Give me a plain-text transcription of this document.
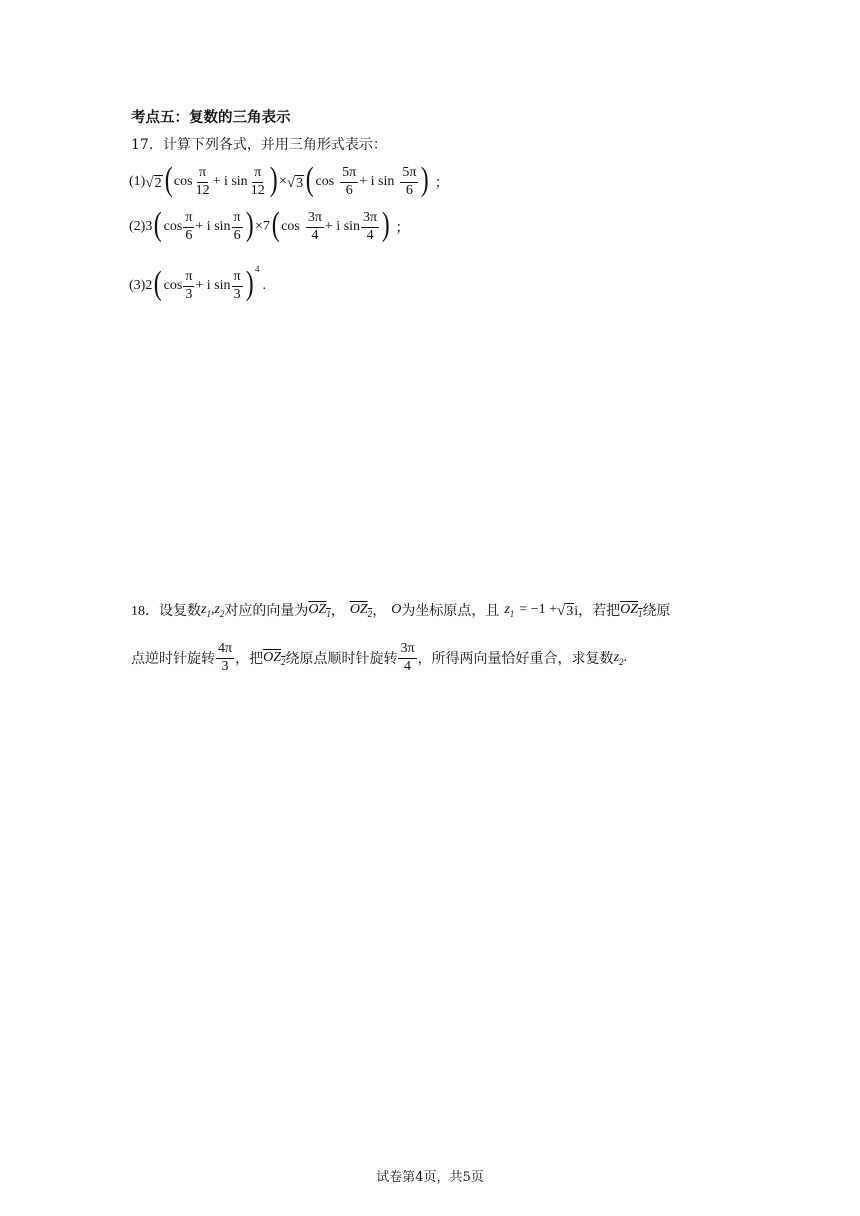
考点五：复数的三角表示
17．计算下列各式，并用三角形式表示：
(1) √ 2 ( $\cos \frac{\pi}{12} + i$ $\sin \frac{\pi}{12}$ ) × √ 3 ( $\cos \frac{5\pi}{6} + i$ $\sin \frac{5\pi}{6}$ ) ；
(2) 3 ( $\cos \frac{\pi}{6} + i$ $\sin \frac{\pi}{6}$ ) ×7 ( $\cos \frac{3\pi}{4} + i$ $\sin \frac{3\pi}{4}$ ) ；
(3) 2 ( $\cos \frac{\pi}{3} + i$ $\sin \frac{\pi}{3}$ ) 4
.
18．设复数 $z_1$ , $z_2$ 对应的向量为 $OZ_1$ ， $OZ_2$ ， O 为坐标原点，且 $z_1 = -1$ + √ 3 i，若把 $OZ_1$ 绕原
点逆时针旋转 $\frac{4\pi}{3}$ ，把 $OZ_2$ 绕原点顺时针旋转 $\frac{3\pi}{4}$ ，所得两向量恰好重合，求复数 $z_2$ .
试卷第4页，共5页
